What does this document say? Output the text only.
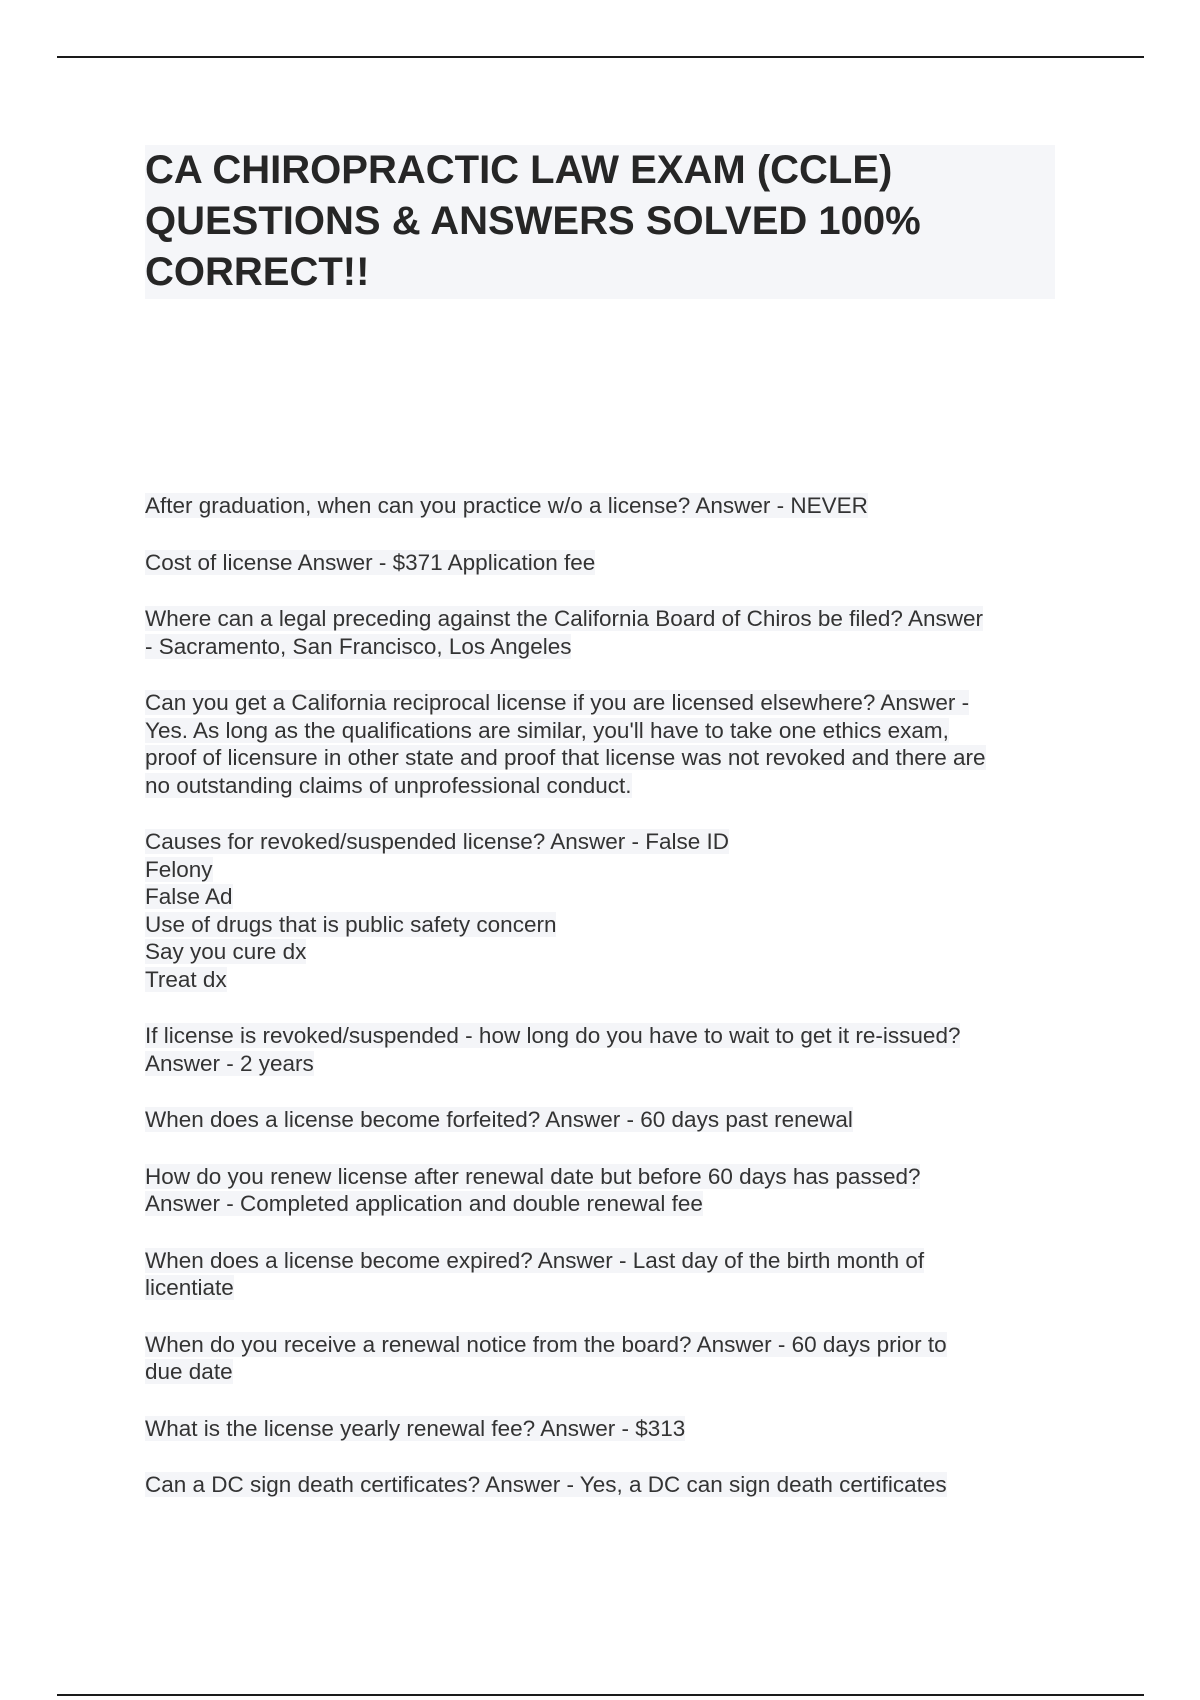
CA CHIROPRACTIC LAW EXAM (CCLE)
QUESTIONS & ANSWERS SOLVED 100%
CORRECT!!

After graduation, when can you practice w/o a license? Answer - NEVER

Cost of license Answer - $371 Application fee

Where can a legal preceding against the California Board of Chiros be filed? Answer
- Sacramento, San Francisco, Los Angeles

Can you get a California reciprocal license if you are licensed elsewhere? Answer -
Yes. As long as the qualifications are similar, you'll have to take one ethics exam,
proof of licensure in other state and proof that license was not revoked and there are
no outstanding claims of unprofessional conduct.

Causes for revoked/suspended license? Answer - False ID
Felony
False Ad
Use of drugs that is public safety concern
Say you cure dx
Treat dx

If license is revoked/suspended - how long do you have to wait to get it re-issued?
Answer - 2 years

When does a license become forfeited? Answer - 60 days past renewal

How do you renew license after renewal date but before 60 days has passed?
Answer - Completed application and double renewal fee

When does a license become expired? Answer - Last day of the birth month of
licentiate

When do you receive a renewal notice from the board? Answer - 60 days prior to
due date

What is the license yearly renewal fee? Answer - $313

Can a DC sign death certificates? Answer - Yes, a DC can sign death certificates
